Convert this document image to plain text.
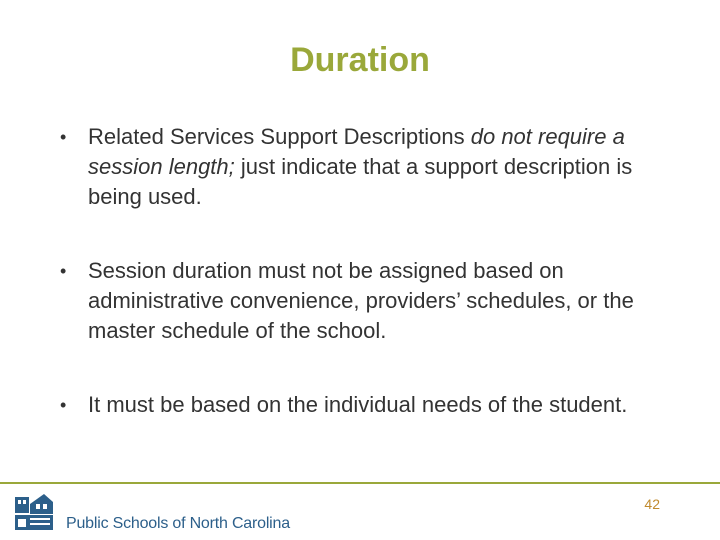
Duration
• Related Services Support Descriptions do not require a session length; just indicate that a support description is being used.
• Session duration must not be assigned based on administrative convenience, providers’ schedules, or the master schedule of the school.
• It must be based on the individual needs of the student.
Public Schools of North Carolina
42
